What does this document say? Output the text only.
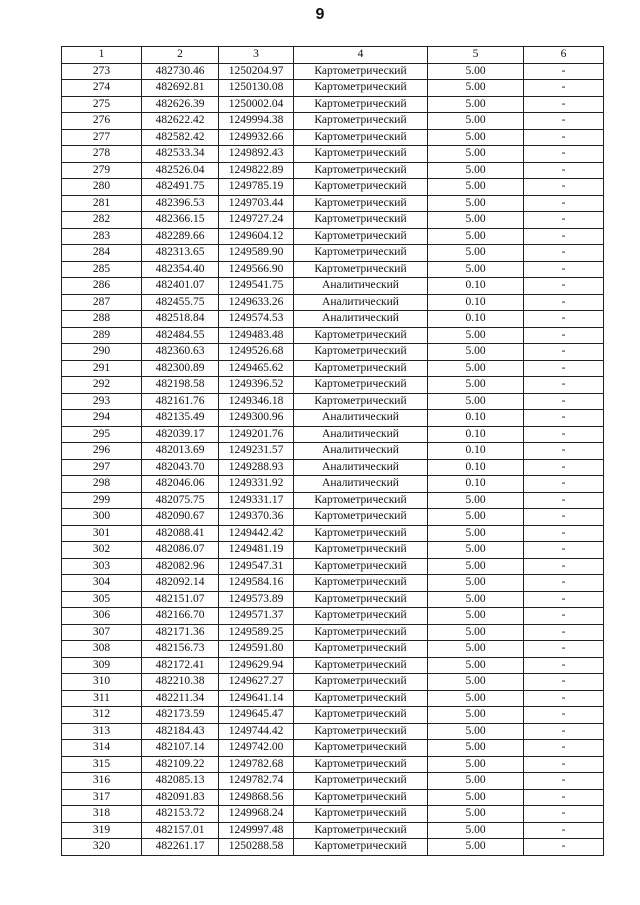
9
1	2	3	4	5	6
273	482730.46	1250204.97	Картометрический	5.00	-
274	482692.81	1250130.08	Картометрический	5.00	-
275	482626.39	1250002.04	Картометрический	5.00	-
276	482622.42	1249994.38	Картометрический	5.00	-
277	482582.42	1249932.66	Картометрический	5.00	-
278	482533.34	1249892.43	Картометрический	5.00	-
279	482526.04	1249822.89	Картометрический	5.00	-
280	482491.75	1249785.19	Картометрический	5.00	-
281	482396.53	1249703.44	Картометрический	5.00	-
282	482366.15	1249727.24	Картометрический	5.00	-
283	482289.66	1249604.12	Картометрический	5.00	-
284	482313.65	1249589.90	Картометрический	5.00	-
285	482354.40	1249566.90	Картометрический	5.00	-
286	482401.07	1249541.75	Аналитический	0.10	-
287	482455.75	1249633.26	Аналитический	0.10	-
288	482518.84	1249574.53	Аналитический	0.10	-
289	482484.55	1249483.48	Картометрический	5.00	-
290	482360.63	1249526.68	Картометрический	5.00	-
291	482300.89	1249465.62	Картометрический	5.00	-
292	482198.58	1249396.52	Картометрический	5.00	-
293	482161.76	1249346.18	Картометрический	5.00	-
294	482135.49	1249300.96	Аналитический	0.10	-
295	482039.17	1249201.76	Аналитический	0.10	-
296	482013.69	1249231.57	Аналитический	0.10	-
297	482043.70	1249288.93	Аналитический	0.10	-
298	482046.06	1249331.92	Аналитический	0.10	-
299	482075.75	1249331.17	Картометрический	5.00	-
300	482090.67	1249370.36	Картометрический	5.00	-
301	482088.41	1249442.42	Картометрический	5.00	-
302	482086.07	1249481.19	Картометрический	5.00	-
303	482082.96	1249547.31	Картометрический	5.00	-
304	482092.14	1249584.16	Картометрический	5.00	-
305	482151.07	1249573.89	Картометрический	5.00	-
306	482166.70	1249571.37	Картометрический	5.00	-
307	482171.36	1249589.25	Картометрический	5.00	-
308	482156.73	1249591.80	Картометрический	5.00	-
309	482172.41	1249629.94	Картометрический	5.00	-
310	482210.38	1249627.27	Картометрический	5.00	-
311	482211.34	1249641.14	Картометрический	5.00	-
312	482173.59	1249645.47	Картометрический	5.00	-
313	482184.43	1249744.42	Картометрический	5.00	-
314	482107.14	1249742.00	Картометрический	5.00	-
315	482109.22	1249782.68	Картометрический	5.00	-
316	482085.13	1249782.74	Картометрический	5.00	-
317	482091.83	1249868.56	Картометрический	5.00	-
318	482153.72	1249968.24	Картометрический	5.00	-
319	482157.01	1249997.48	Картометрический	5.00	-
320	482261.17	1250288.58	Картометрический	5.00	-
